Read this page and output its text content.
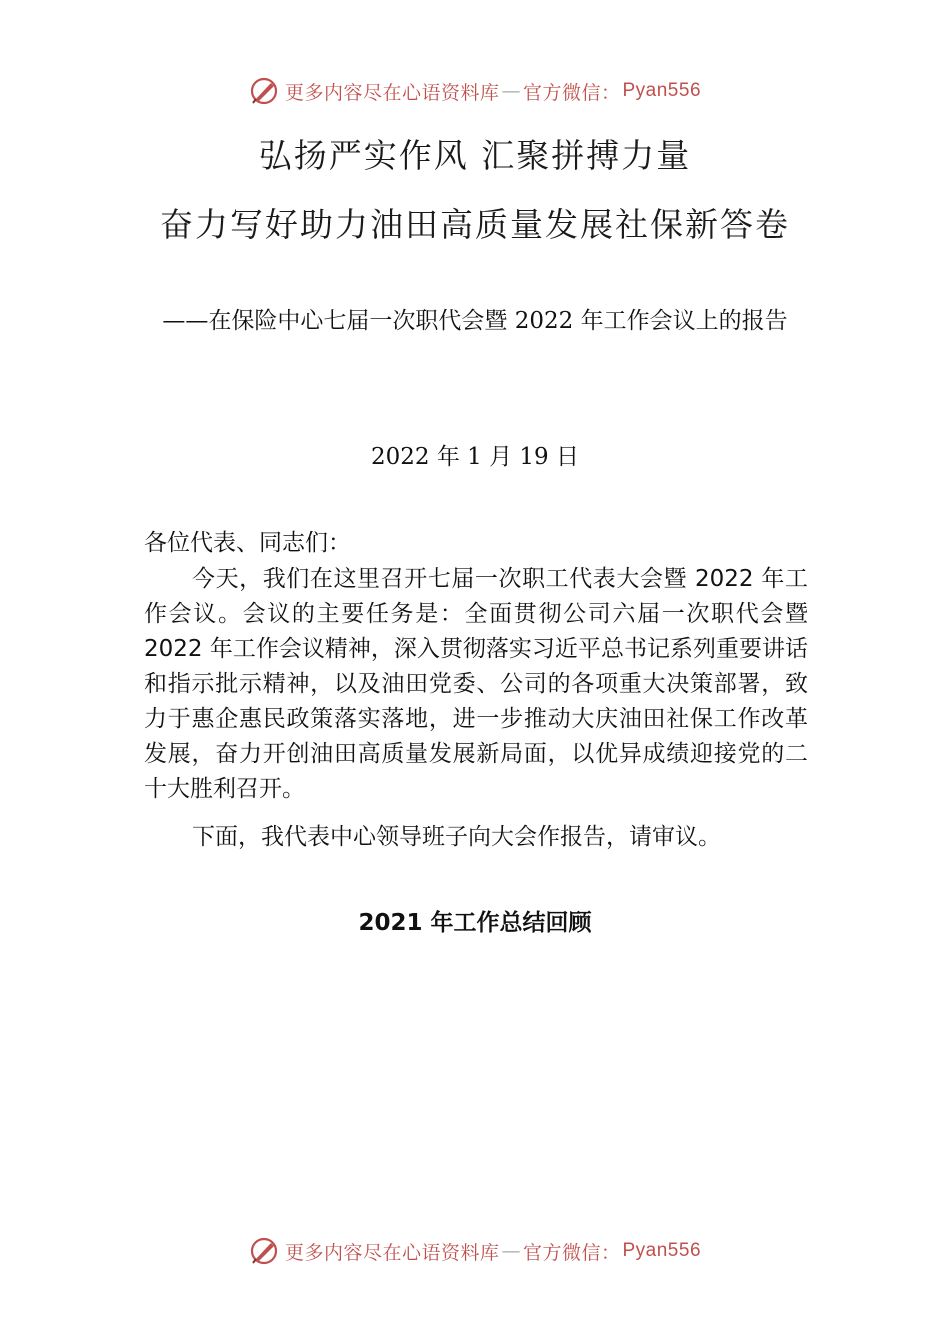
更多内容尽在心语资料库 — 官方微信： Pyan556
弘扬严实作风 汇聚拼搏力量
奋力写好助力油田高质量发展社保新答卷
——在保险中心七届一次职代会暨 2022 年工作会议上的报告
2022 年 1 月 19 日
各位代表、同志们：
今天，我们在这里召开七届一次职工代表大会暨 2022 年工作会议。会议的主要任务是：全面贯彻公司六届一次职代会暨 2022 年工作会议精神，深入贯彻落实习近平总书记系列重要讲话和指示批示精神，以及油田党委、公司的各项重大决策部署，致力于惠企惠民政策落实落地，进一步推动大庆油田社保工作改革发展，奋力开创油田高质量发展新局面，以优异成绩迎接党的二十大胜利召开。
下面，我代表中心领导班子向大会作报告，请审议。
2021 年工作总结回顾
更多内容尽在心语资料库 — 官方微信： Pyan556
